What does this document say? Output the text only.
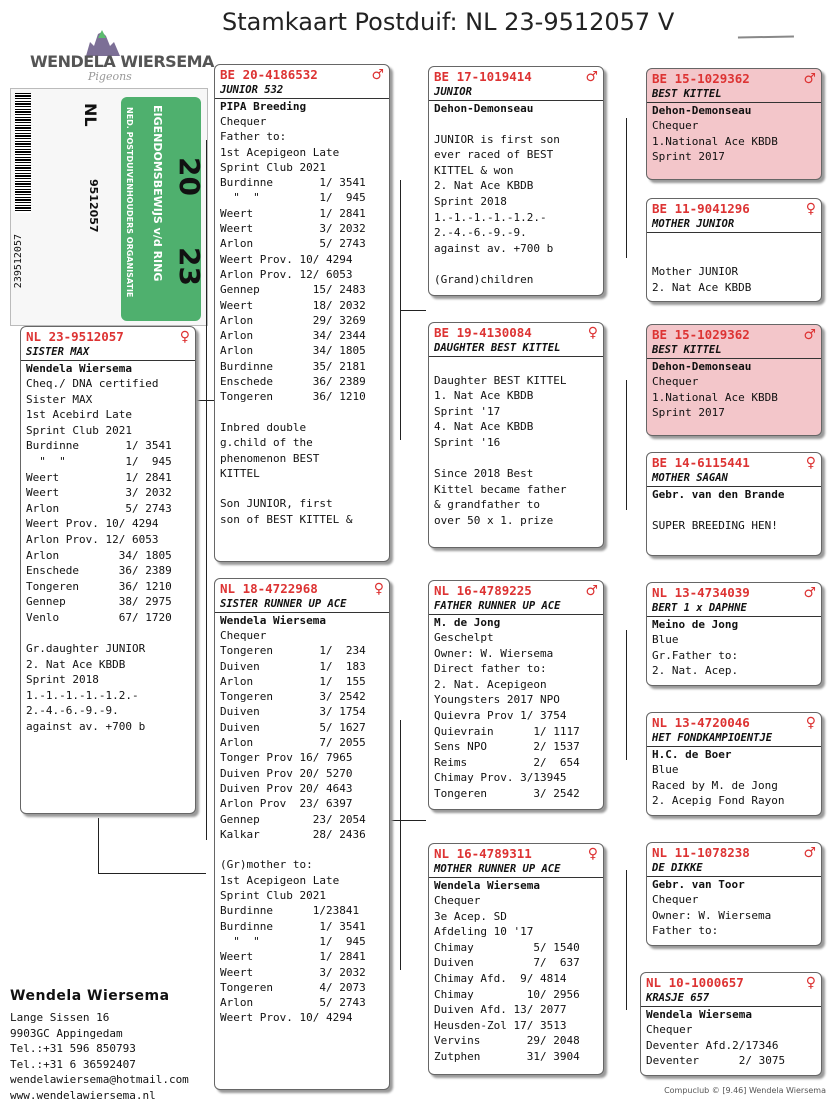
Stamkaart Postduif: NL 23-9512057 V
WENDELA WIERSEMA
Pigeons
239512057
NL
9512057
20
23
EIGENDOMSBEWIJS v/d RING
NED. POSTDUIVENHOUDERS ORGANISATIE
NL 23-9512057	♀
SISTER MAX
Wendela Wiersema
Cheq./ DNA certified
Sister MAX
1st Acebird Late
Sprint Club 2021
Burdinne       1/ 3541
"  "         1/  945
Weert          1/ 2841
Weert          3/ 2032
Arlon          5/ 2743
Weert Prov. 10/ 4294
Arlon Prov. 12/ 6053
Arlon         34/ 1805
Enschede      36/ 2389
Tongeren      36/ 1210
Gennep        38/ 2975
Venlo         67/ 1720

Gr.daughter JUNIOR
2. Nat Ace KBDB
Sprint 2018
1.-1.-1.-1.-1.2.-
2.-4.-6.-9.-9.
against av. +700 b
BE 20-4186532	♂
JUNIOR 532
PIPA Breeding
Chequer
Father to:
1st Acepigeon Late
Sprint Club 2021
Burdinne       1/ 3541
"  "         1/  945
Weert          1/ 2841
Weert          3/ 2032
Arlon          5/ 2743
Weert Prov. 10/ 4294
Arlon Prov. 12/ 6053
Gennep        15/ 2483
Weert         18/ 2032
Arlon         29/ 3269
Arlon         34/ 2344
Arlon         34/ 1805
Burdinne      35/ 2181
Enschede      36/ 2389
Tongeren      36/ 1210

Inbred double
g.child of the
phenomenon BEST
KITTEL

Son JUNIOR, first
son of BEST KITTEL &
NL 18-4722968	♀
SISTER RUNNER UP ACE
Wendela Wiersema
Chequer
Tongeren       1/  234
Duiven         1/  183
Arlon          1/  155
Tongeren       3/ 2542
Duiven         3/ 1754
Duiven         5/ 1627
Arlon          7/ 2055
Tonger Prov 16/ 7965
Duiven Prov 20/ 5270
Duiven Prov 20/ 4643
Arlon Prov  23/ 6397
Gennep        23/ 2054
Kalkar        28/ 2436

(Gr)mother to:
1st Acepigeon Late
Sprint Club 2021
Burdinne      1/23841
Burdinne       1/ 3541
"  "         1/  945
Weert          1/ 2841
Weert          3/ 2032
Tongeren       4/ 2073
Arlon          5/ 2743
Weert Prov. 10/ 4294
BE 17-1019414	♂
JUNIOR
Dehon-Demonseau

JUNIOR is first son
ever raced of BEST
KITTEL & won
2. Nat Ace KBDB
Sprint 2018
1.-1.-1.-1.-1.2.-
2.-4.-6.-9.-9.
against av. +700 b

(Grand)children
BE 19-4130084	♀
DAUGHTER BEST KITTEL

Daughter BEST KITTEL
1. Nat Ace KBDB
Sprint '17
4. Nat Ace KBDB
Sprint '16

Since 2018 Best
Kittel became father
& grandfather to
over 50 x 1. prize
NL 16-4789225	♂
FATHER RUNNER UP ACE
M. de Jong
Geschelpt
Owner: W. Wiersema
Direct father to:
2. Nat. Acepigeon
Youngsters 2017 NPO
Quievra Prov 1/ 3754
Quievrain      1/ 1117
Sens NPO       2/ 1537
Reims          2/  654
Chimay Prov. 3/13945
Tongeren       3/ 2542
NL 16-4789311	♀
MOTHER RUNNER UP ACE
Wendela Wiersema
Chequer
3e Acep. SD
Afdeling 10 '17
Chimay         5/ 1540
Duiven         7/  637
Chimay Afd.  9/ 4814
Chimay        10/ 2956
Duiven Afd. 13/ 2077
Heusden-Zol 17/ 3513
Vervins       29/ 2048
Zutphen       31/ 3904
BE 15-1029362	♂
BEST KITTEL
Dehon-Demonseau
Chequer
1.National Ace KBDB
Sprint 2017
BE 11-9041296	♀
MOTHER JUNIOR

Mother JUNIOR
2. Nat Ace KBDB
BE 15-1029362	♂
BEST KITTEL
Dehon-Demonseau
Chequer
1.National Ace KBDB
Sprint 2017
BE 14-6115441	♀
MOTHER SAGAN
Gebr. van den Brande

SUPER BREEDING HEN!
NL 13-4734039	♂
BERT 1 x DAPHNE
Meino de Jong
Blue
Gr.Father to:
2. Nat. Acep.
NL 13-4720046	♀
HET FONDKAMPIOENTJE
H.C. de Boer
Blue
Raced by M. de Jong
2. Acepig Fond Rayon
NL 11-1078238	♂
DE DIKKE
Gebr. van Toor
Chequer
Owner: W. Wiersema
Father to:
NL 10-1000657	♀
KRASJE 657
Wendela Wiersema
Chequer
Deventer Afd.2/17346
Deventer      2/ 3075
Wendela Wiersema
Lange Sissen 16
9903GC Appingedam
Tel.:+31 596 850793
Tel.:+31 6 36592407
wendelawiersema@hotmail.com
www.wendelawiersema.nl	Compuclub © [9.46] Wendela Wiersema
